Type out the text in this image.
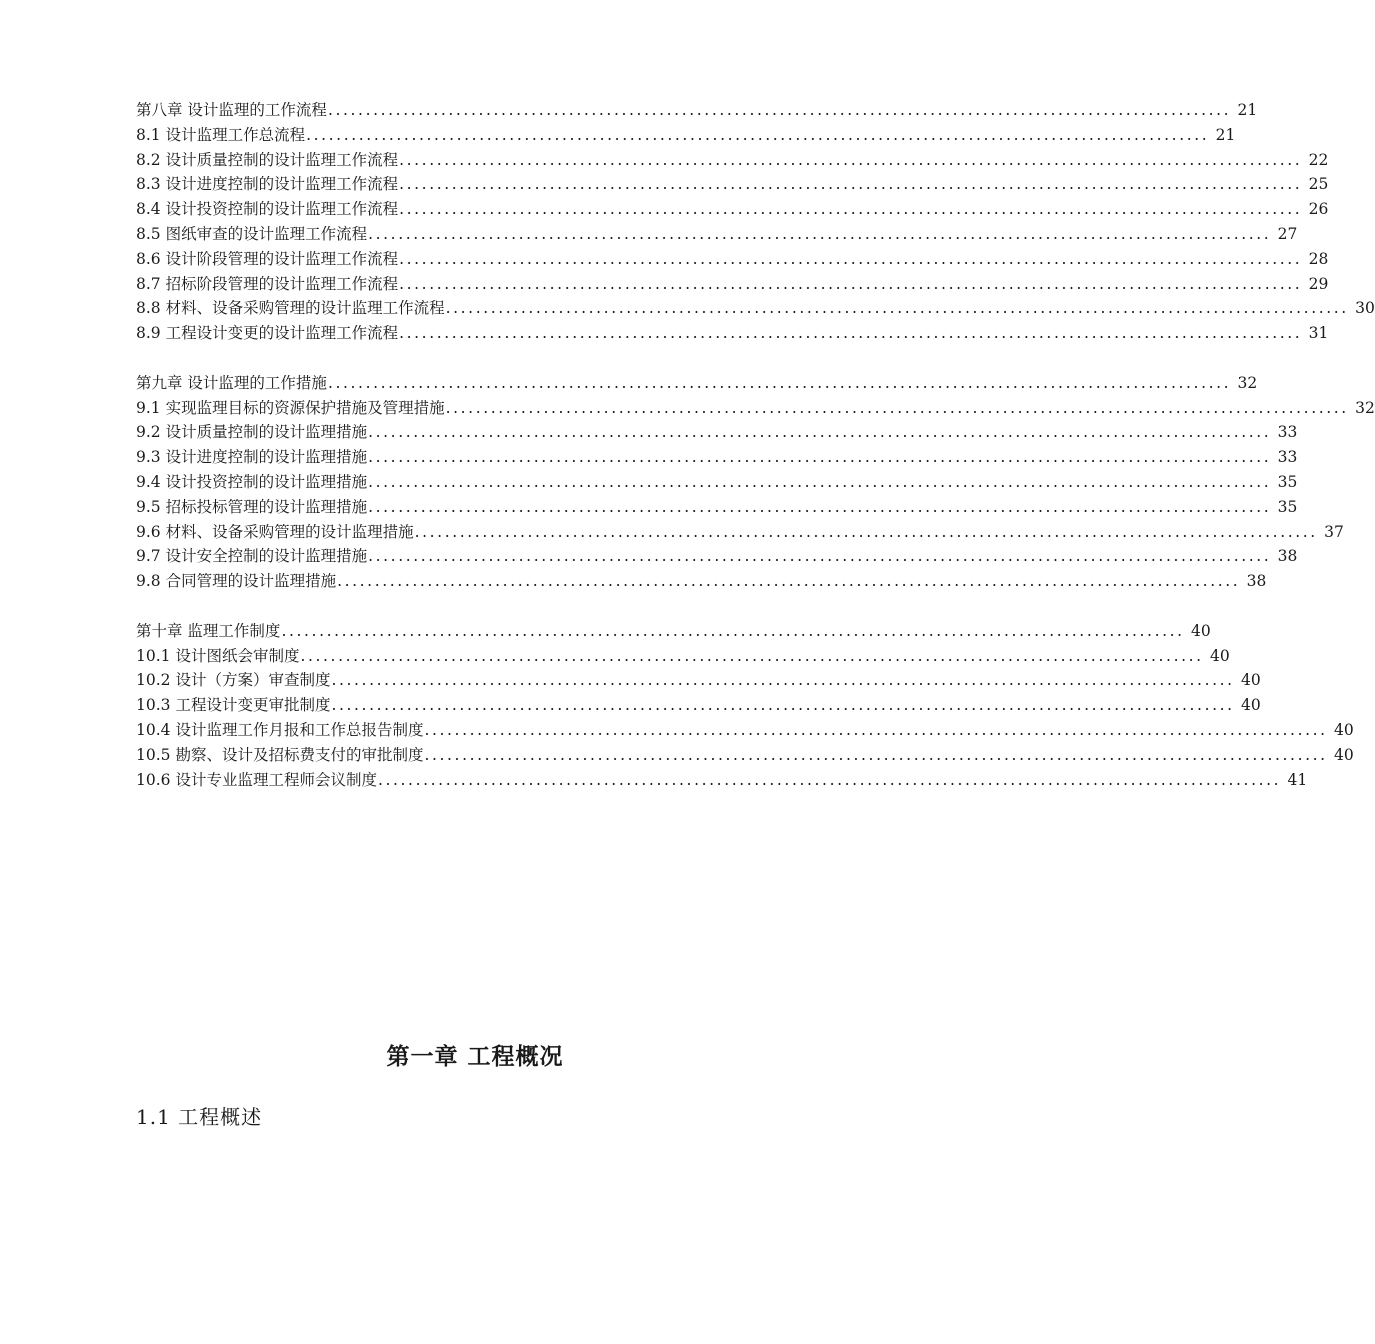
第八章 设计监理的工作流程 ........................................................................................................................ 21
8.1 设计监理工作总流程 ........................................................................................................................ 21
8.2 设计质量控制的设计监理工作流程 ........................................................................................................................ 22
8.3 设计进度控制的设计监理工作流程 ........................................................................................................................ 25
8.4 设计投资控制的设计监理工作流程 ........................................................................................................................ 26
8.5 图纸审查的设计监理工作流程 ........................................................................................................................ 27
8.6 设计阶段管理的设计监理工作流程 ........................................................................................................................ 28
8.7 招标阶段管理的设计监理工作流程 ........................................................................................................................ 29
8.8 材料、设备采购管理的设计监理工作流程 ........................................................................................................................ 30
8.9 工程设计变更的设计监理工作流程 ........................................................................................................................ 31
第九章 设计监理的工作措施 ........................................................................................................................ 32
9.1 实现监理目标的资源保护措施及管理措施 ........................................................................................................................ 32
9.2 设计质量控制的设计监理措施 ........................................................................................................................ 33
9.3 设计进度控制的设计监理措施 ........................................................................................................................ 33
9.4 设计投资控制的设计监理措施 ........................................................................................................................ 35
9.5 招标投标管理的设计监理措施 ........................................................................................................................ 35
9.6 材料、设备采购管理的设计监理措施 ........................................................................................................................ 37
9.7 设计安全控制的设计监理措施 ........................................................................................................................ 38
9.8 合同管理的设计监理措施 ........................................................................................................................ 38
第十章 监理工作制度 ........................................................................................................................ 40
10.1 设计图纸会审制度 ........................................................................................................................ 40
10.2 设计（方案）审查制度 ........................................................................................................................ 40
10.3 工程设计变更审批制度 ........................................................................................................................ 40
10.4 设计监理工作月报和工作总报告制度 ........................................................................................................................ 40
10.5 勘察、设计及招标费支付的审批制度 ........................................................................................................................ 40
10.6 设计专业监理工程师会议制度 ........................................................................................................................ 41
第一章 工程概况
1.1 工程概述
